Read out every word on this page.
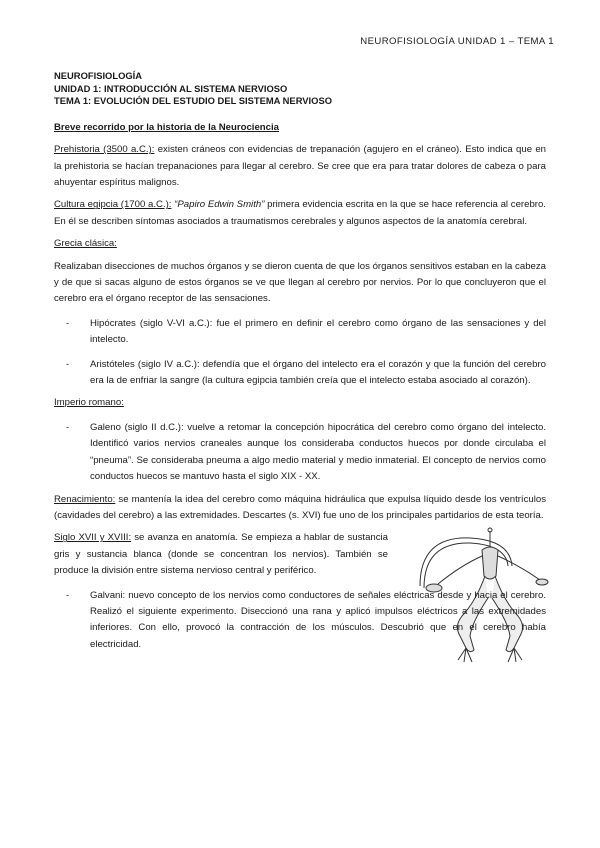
NEUROFISIOLOGÍA UNIDAD 1 – TEMA 1
NEUROFISIOLOGÍA
UNIDAD 1: INTRODUCCIÓN AL SISTEMA NERVIOSO
TEMA 1: EVOLUCIÓN DEL ESTUDIO DEL SISTEMA NERVIOSO
Breve recorrido por la historia de la Neurociencia

Prehistoria (3500 a.C.): existen cráneos con evidencias de trepanación (agujero en el cráneo). Esto indica que en la prehistoria se hacían trepanaciones para llegar al cerebro. Se cree que era para tratar dolores de cabeza o para ahuyentar espíritus malignos.

Cultura egipcia (1700 a.C.): “Papiro Edwin Smith” primera evidencia escrita en la que se hace referencia al cerebro. En él se describen síntomas asociados a traumatismos cerebrales y algunos aspectos de la anatomía cerebral.

Grecia clásica:

Realizaban disecciones de muchos órganos y se dieron cuenta de que los órganos sensitivos estaban en la cabeza y de que si sacas alguno de estos órganos se ve que llegan al cerebro por nervios. Por lo que concluyeron que el cerebro era el órgano receptor de las sensaciones.

- Hipócrates (siglo V-VI a.C.): fue el primero en definir el cerebro como órgano de las sensaciones y del intelecto.
- Aristóteles (siglo IV a.C.): defendía que el órgano del intelecto era el corazón y que la función del cerebro era la de enfriar la sangre (la cultura egipcia también creía que el intelecto estaba asociado al corazón).

Imperio romano:

- Galeno (siglo II d.C.): vuelve a retomar la concepción hipocrática del cerebro como órgano del intelecto. Identificó varios nervios craneales aunque los consideraba conductos huecos por donde circulaba el “pneuma”. Se consideraba pneuma a algo medio material y medio inmaterial. El concepto de nervios como conductos huecos se mantuvo hasta el siglo XIX - XX.

Renacimiento: se mantenía la idea del cerebro como máquina hidráulica que expulsa líquido desde los ventrículos (cavidades del cerebro) a las extremidades. Descartes (s. XVI) fue uno de los principales partidarios de esta teoría.

Siglo XVII y XVIII: se avanza en anatomía. Se empieza a hablar de sustancia gris y sustancia blanca (donde se concentran los nervios). También se produce la división entre sistema nervioso central y periférico.

- Galvani: nuevo concepto de los nervios como conductores de señales eléctricas desde y hacia el cerebro. Realizó el siguiente experimento. Diseccionó una rana y aplicó impulsos eléctricos a las extremidades inferiores. Con ello, provocó la contracción de los músculos. Descubrió que en el cerebro había electricidad.
